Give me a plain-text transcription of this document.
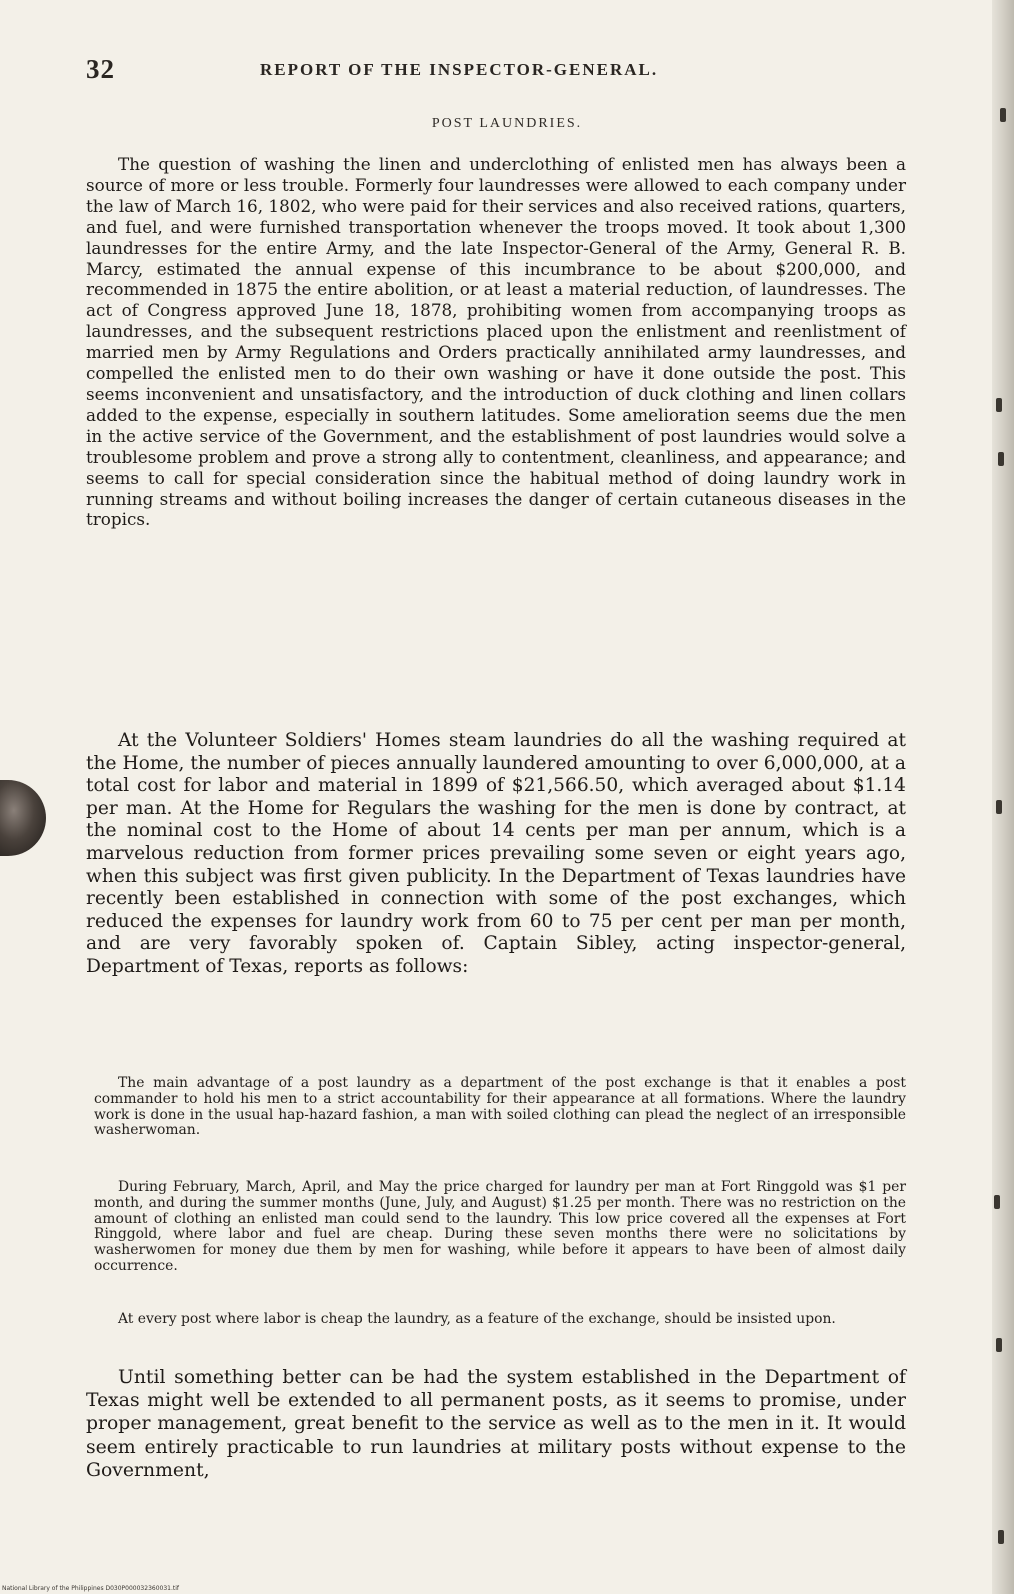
32	REPORT OF THE INSPECTOR-GENERAL.
POST LAUNDRIES.

The question of washing the linen and underclothing of enlisted men has always been a source of more or less trouble. Formerly four laundresses were allowed to each company under the law of March 16, 1802, who were paid for their services and also received rations, quarters, and fuel, and were furnished transportation whenever the troops moved. It took about 1,300 laundresses for the entire Army, and the late Inspector-General of the Army, General R. B. Marcy, estimated the annual expense of this incumbrance to be about $200,000, and recommended in 1875 the entire abolition, or at least a material reduction, of laundresses. The act of Congress approved June 18, 1878, prohibiting women from accompanying troops as laundresses, and the subsequent restrictions placed upon the enlistment and reenlistment of married men by Army Regulations and Orders practically annihilated army laundresses, and compelled the enlisted men to do their own washing or have it done outside the post. This seems inconvenient and unsatisfactory, and the introduction of duck clothing and linen collars added to the expense, especially in southern latitudes. Some amelioration seems due the men in the active service of the Government, and the establishment of post laundries would solve a troublesome problem and prove a strong ally to contentment, cleanliness, and appearance; and seems to call for special consideration since the habitual method of doing laundry work in running streams and without boiling increases the danger of certain cutaneous diseases in the tropics.

At the Volunteer Soldiers' Homes steam laundries do all the washing required at the Home, the number of pieces annually laundered amounting to over 6,000,000, at a total cost for labor and material in 1899 of $21,566.50, which averaged about $1.14 per man. At the Home for Regulars the washing for the men is done by contract, at the nominal cost to the Home of about 14 cents per man per annum, which is a marvelous reduction from former prices prevailing some seven or eight years ago, when this subject was first given publicity. In the Department of Texas laundries have recently been established in connection with some of the post exchanges, which reduced the expenses for laundry work from 60 to 75 per cent per man per month, and are very favorably spoken of. Captain Sibley, acting inspector-general, Department of Texas, reports as follows:

The main advantage of a post laundry as a department of the post exchange is that it enables a post commander to hold his men to a strict accountability for their appearance at all formations. Where the laundry work is done in the usual hap-hazard fashion, a man with soiled clothing can plead the neglect of an irresponsible washerwoman.

During February, March, April, and May the price charged for laundry per man at Fort Ringgold was $1 per month, and during the summer months (June, July, and August) $1.25 per month. There was no restriction on the amount of clothing an enlisted man could send to the laundry. This low price covered all the expenses at Fort Ringgold, where labor and fuel are cheap. During these seven months there were no solicitations by washerwomen for money due them by men for washing, while before it appears to have been of almost daily occurrence.

At every post where labor is cheap the laundry, as a feature of the exchange, should be insisted upon.

Until something better can be had the system established in the Department of Texas might well be extended to all permanent posts, as it seems to promise, under proper management, great benefit to the service as well as to the men in it. It would seem entirely practicable to run laundries at military posts without expense to the Government,

National Library of the Philippines D030P000032360031.tif
